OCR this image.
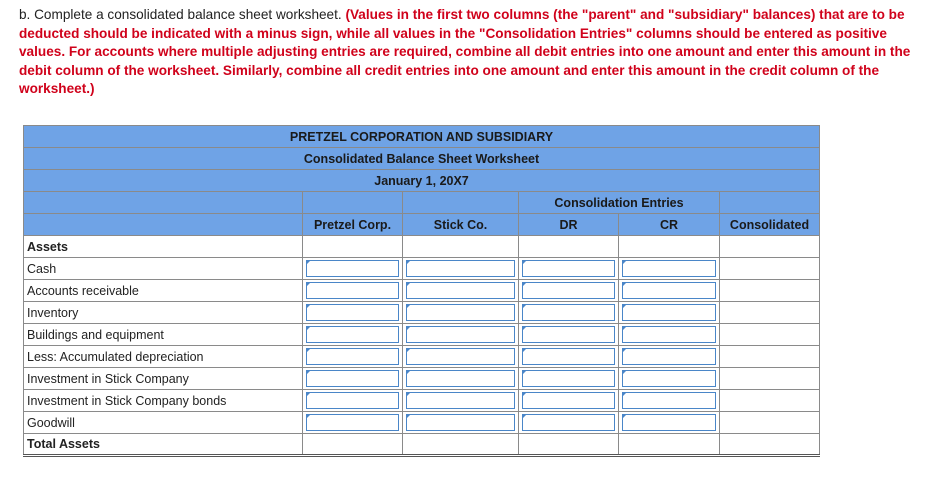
b. Complete a consolidated balance sheet worksheet. (Values in the first two columns (the "parent" and "subsidiary" balances) that are to be deducted should be indicated with a minus sign, while all values in the "Consolidation Entries" columns should be entered as positive values. For accounts where multiple adjusting entries are required, combine all debit entries into one amount and enter this amount in the debit column of the worksheet. Similarly, combine all credit entries into one amount and enter this amount in the credit column of the worksheet.)
PRETZEL CORPORATION AND SUBSIDIARY					
Consolidated Balance Sheet Worksheet					
January 1, 20X7					
			Consolidation Entries		
	Pretzel Corp.	Stick Co.	DR	CR	Consolidated
Assets					
Cash	

Accounts receivable	

Inventory	

Buildings and equipment	

Less: Accumulated depreciation	

Investment in Stick Company	

Investment in Stick Company bonds	

Goodwill	

Total Assets					
